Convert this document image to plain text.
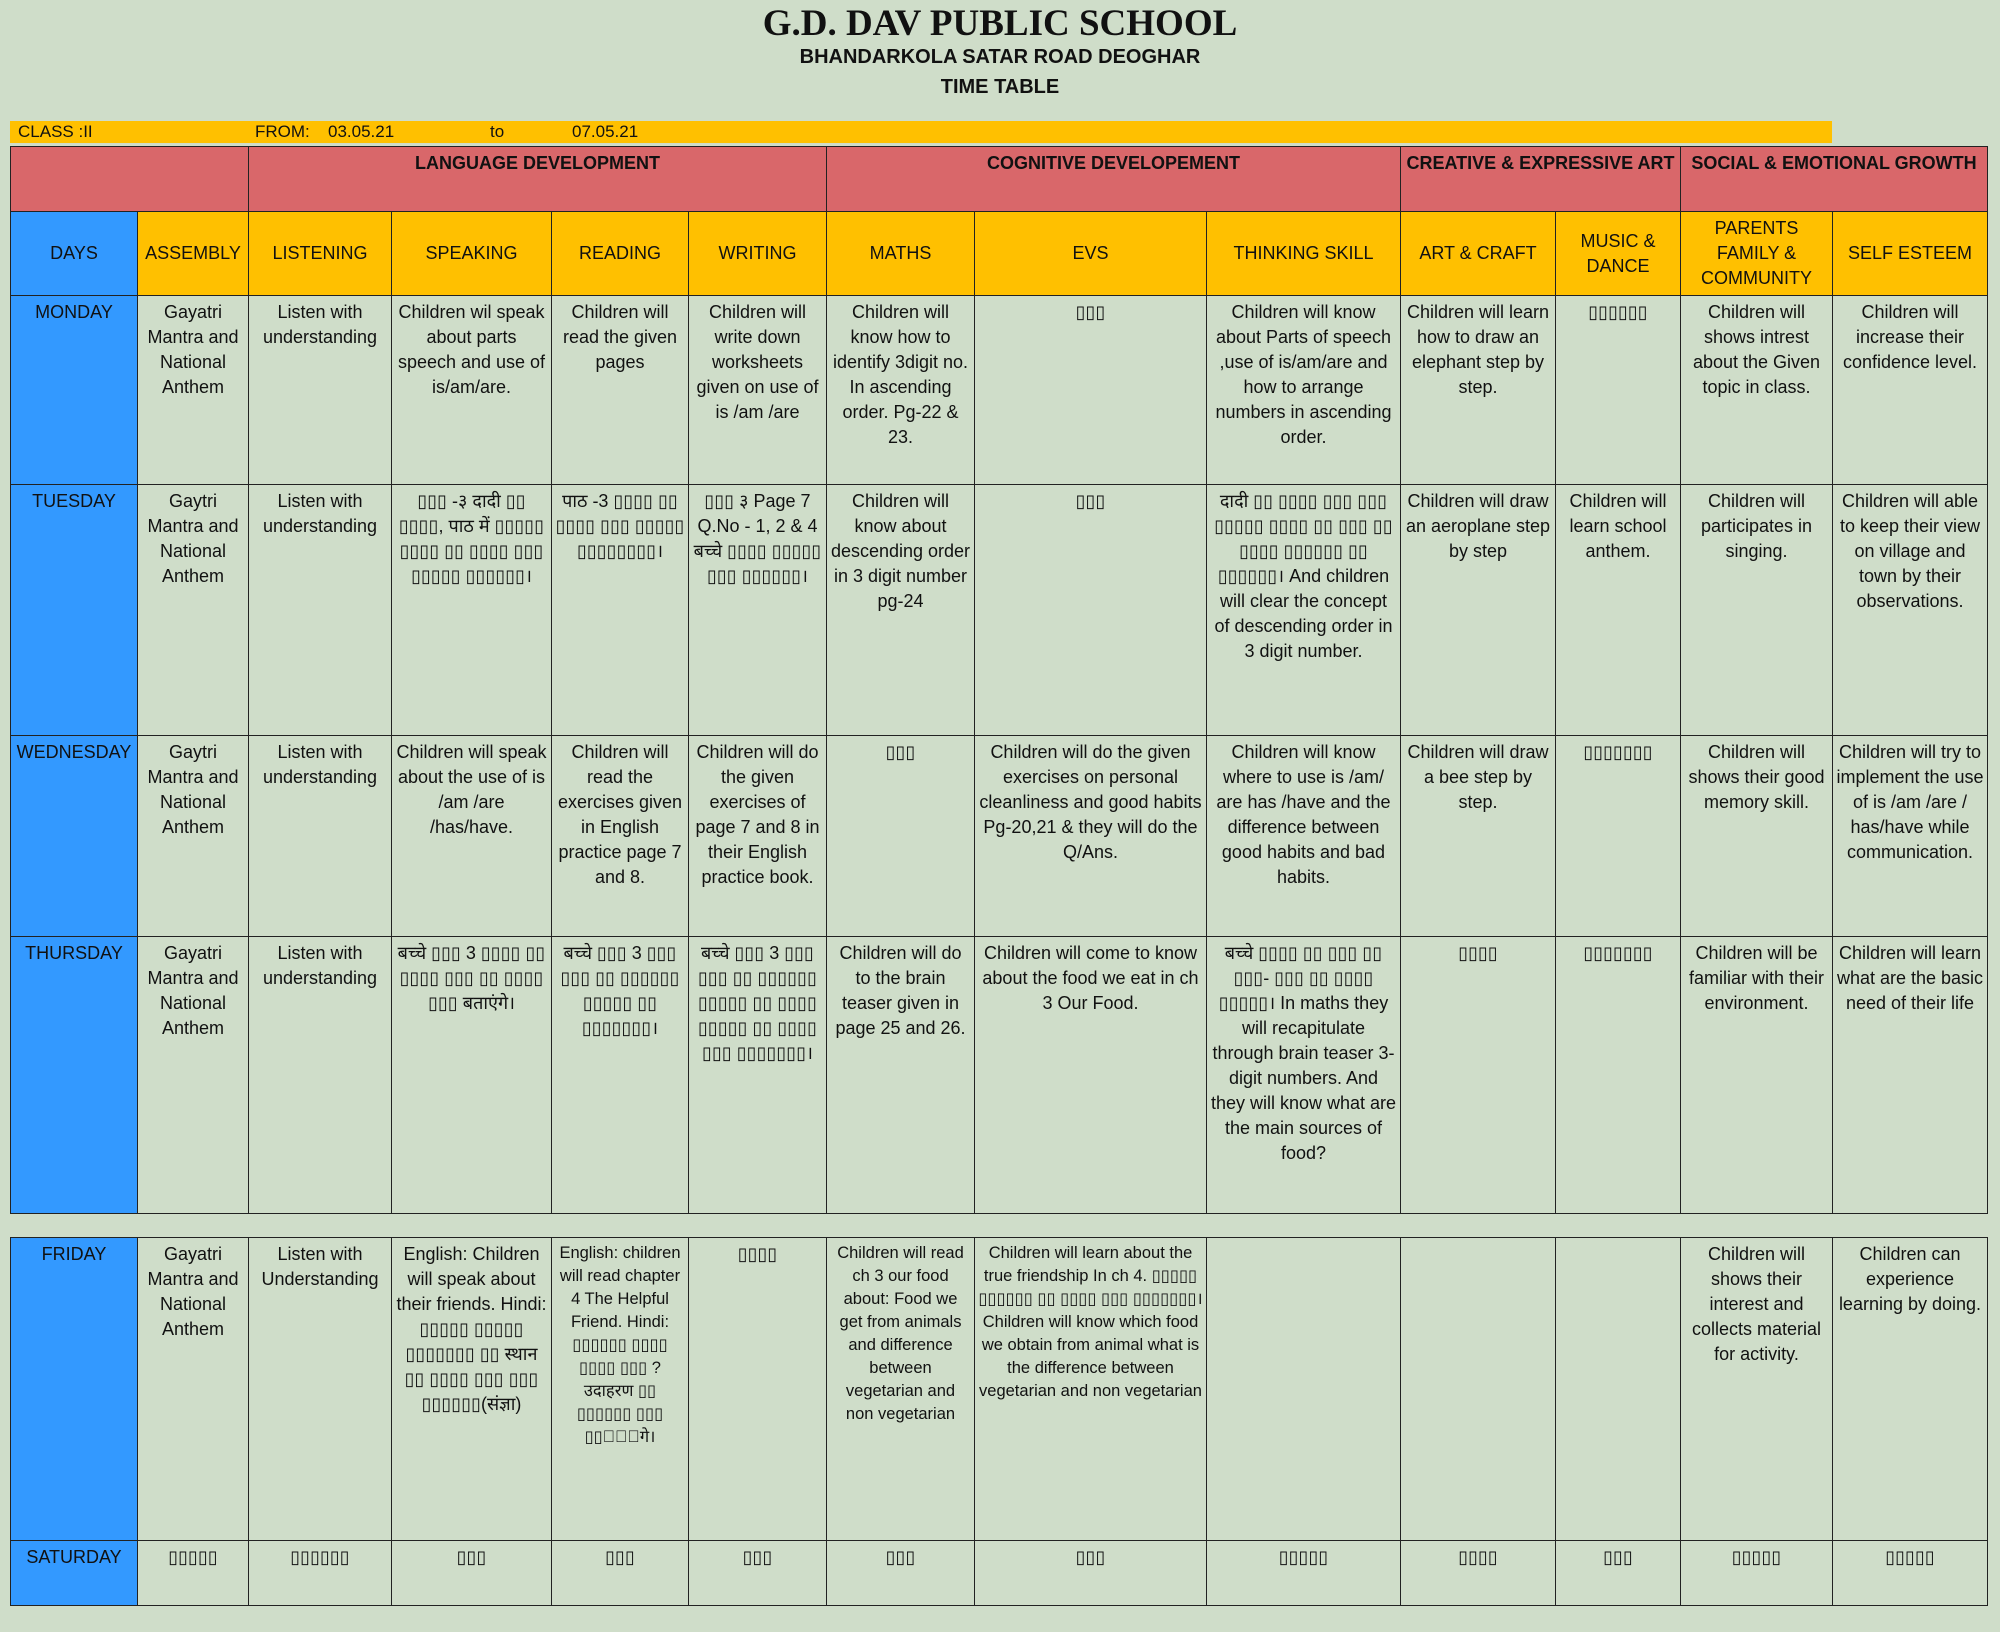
G.D. DAV PUBLIC SCHOOL
BHANDARKOLA SATAR ROAD DEOGHAR
TIME TABLE
CLASS :II	FROM: 03.05.21	to	07.05.21
		LANGUAGE DEVELOPMENT				COGNITIVE DEVELOPEMENT			CREATIVE & EXPRESSIVE ART		SOCIAL & EMOTIONAL GROWTH	
DAYS	ASSEMBLY	LISTENING	SPEAKING	READING	WRITING	MATHS	EVS	THINKING SKILL	ART & CRAFT	MUSIC & DANCE	PARENTS FAMILY & COMMUNITY	SELF ESTEEM
MONDAY	Gayatri Mantra and National Anthem	Listen with understanding	Children wil speak about parts speech and use of is/am/are.	Children will read the given pages	Children will write down worksheets given on use of is /am /are	Children will know how to identify 3digit no. In ascending order. Pg-22 & 23.	▯▯▯	Children will know about Parts of speech ,use of is/am/are and how to arrange numbers in ascending order.	Children will learn how to draw an elephant step by step.	▯▯▯▯▯▯	Children will shows intrest about the Given topic in class.	Children will increase their confidence level.
TUESDAY	Gaytri Mantra and National Anthem	Listen with understanding	▯▯▯ -३ दादी ▯▯ ▯▯▯▯, पाठ में ▯▯▯▯▯ ▯▯▯▯ ▯▯ ▯▯▯▯ ▯▯▯ ▯▯▯▯▯ ▯▯▯▯▯▯।	पाठ -3 ▯▯▯▯ ▯▯ ▯▯▯▯ ▯▯▯ ▯▯▯▯▯ ▯▯▯▯▯▯▯▯।	▯▯▯ ३ Page 7 Q.No - 1, 2 & 4 बच्चे ▯▯▯▯ ▯▯▯▯▯ ▯▯▯ ▯▯▯▯▯▯।	Children will know about descending order in 3 digit number pg-24	▯▯▯	दादी ▯▯ ▯▯▯▯ ▯▯▯ ▯▯▯ ▯▯▯▯▯ ▯▯▯▯ ▯▯ ▯▯▯ ▯▯ ▯▯▯▯ ▯▯▯▯▯▯ ▯▯ ▯▯▯▯▯▯। And children will clear the concept of descending order in 3 digit number.	Children will draw an aeroplane step by step	Children will learn school anthem.	Children will participates in singing.	Children will able to keep their view on village and town by their observations.
WEDNESDAY	Gaytri Mantra and National Anthem	Listen with understanding	Children will speak about the use of is /am /are /has/have.	Children will read the exercises given in English practice page 7 and 8.	Children will do the given exercises of page 7 and 8 in their English practice book.	▯▯▯	Children will do the given exercises on personal cleanliness and good habits Pg-20,21 & they will do the Q/Ans.	Children will know where to use is /am/ are has /have and the difference between good habits and bad habits.	Children will draw a bee step by step.	▯▯▯▯▯▯▯	Children will shows their good memory skill.	Children will try to implement the use of is /am /are / has/have while communication.
THURSDAY	Gayatri Mantra and National Anthem	Listen with understanding	बच्चे ▯▯▯ 3 ▯▯▯▯ ▯▯ ▯▯▯▯ ▯▯▯ ▯▯ ▯▯▯▯ ▯▯▯ बताएंगे।	बच्चे ▯▯▯ 3 ▯▯▯ ▯▯▯ ▯▯ ▯▯▯▯▯▯ ▯▯▯▯▯ ▯▯ ▯▯▯▯▯▯▯।	बच्चे ▯▯▯ 3 ▯▯▯ ▯▯▯ ▯▯ ▯▯▯▯▯▯ ▯▯▯▯▯ ▯▯ ▯▯▯▯ ▯▯▯▯▯ ▯▯ ▯▯▯▯ ▯▯▯ ▯▯▯▯▯▯▯।	Children will do to the brain teaser given in page 25 and 26.	Children will come to know about the food we eat in ch 3 Our Food.	बच्चे ▯▯▯▯ ▯▯ ▯▯▯ ▯▯ ▯▯▯- ▯▯▯ ▯▯ ▯▯▯▯ ▯▯▯▯▯। In maths they will recapitulate through brain teaser 3-digit numbers. And they will know what are the main sources of food?	▯▯▯▯	▯▯▯▯▯▯▯	Children will be familiar with their environment.	Children will learn what are the basic need of their life
FRIDAY	Gayatri Mantra and National Anthem	Listen with Understanding	English: Children will speak about their friends. Hindi: ▯▯▯▯▯ ▯▯▯▯▯ ▯▯▯▯▯▯▯ ▯▯ स्थान ▯▯ ▯▯▯▯ ▯▯▯ ▯▯▯ ▯▯▯▯▯▯(संज्ञा)	English: children will read chapter 4 The Helpful Friend. Hindi: ▯▯▯▯▯▯ ▯▯▯▯ ▯▯▯▯ ▯▯▯ ? उदाहरण ▯▯ ▯▯▯▯▯▯ ▯▯▯ ▯▯▯ेंगे।	▯▯▯▯	Children will read ch 3 our food about: Food we get from animals and difference between vegetarian and non vegetarian	Children will learn about the true friendship In ch 4. ▯▯▯▯▯ ▯▯▯▯▯▯ ▯▯ ▯▯▯▯ ▯▯▯ ▯▯▯▯▯▯▯। Children will know which food we obtain from animal what is the difference between vegetarian and non vegetarian				Children will shows their interest and collects material for activity.	Children can experience learning by doing.
SATURDAY	▯▯▯▯▯	▯▯▯▯▯▯	▯▯▯	▯▯▯	▯▯▯	▯▯▯	▯▯▯	▯▯▯▯▯	▯▯▯▯	▯▯▯	▯▯▯▯▯	▯▯▯▯▯
